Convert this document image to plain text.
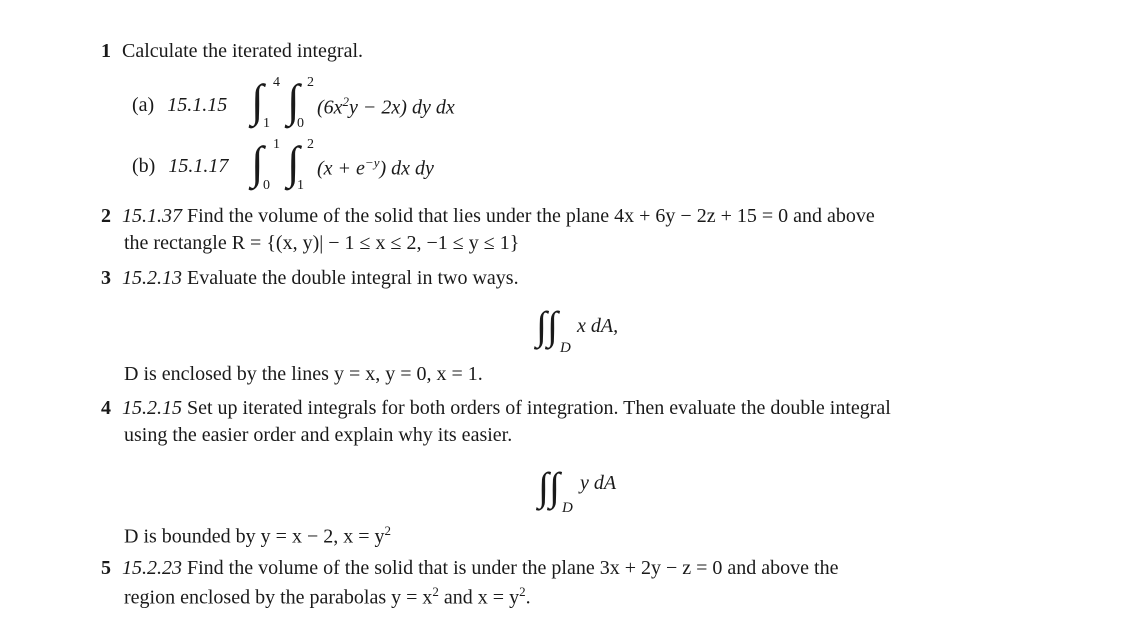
1 Calculate the iterated integral.
(a) 15.1.15 ∫ 4
1 ∫ 2
0
$(6x^2y - 2x)$ dy dx
(b) 15.1.17 ∫ 1
0 ∫ 2
1
$(x + e^{-y})$ dx dy
2 15.1.37 Find the volume of the solid that lies under the plane 4x + 6y − 2z + 15 = 0 and above
the rectangle R = {(x, y)| − 1 ≤ x ≤ 2, −1 ≤ y ≤ 1}
3 15.2.13 Evaluate the double integral in two ways.
∫∫ D
x dA,
D is enclosed by the lines y = x, y = 0, x = 1.
4 15.2.15 Set up iterated integrals for both orders of integration. Then evaluate the double integral
using the easier order and explain why its easier.
∫∫ D
y dA
D is bounded by y = x − 2, $x = y^2$
5 15.2.23 Find the volume of the solid that is under the plane 3x + 2y − z = 0 and above the
region enclosed by the parabolas $y = x^2$ and $x = y^2$.
